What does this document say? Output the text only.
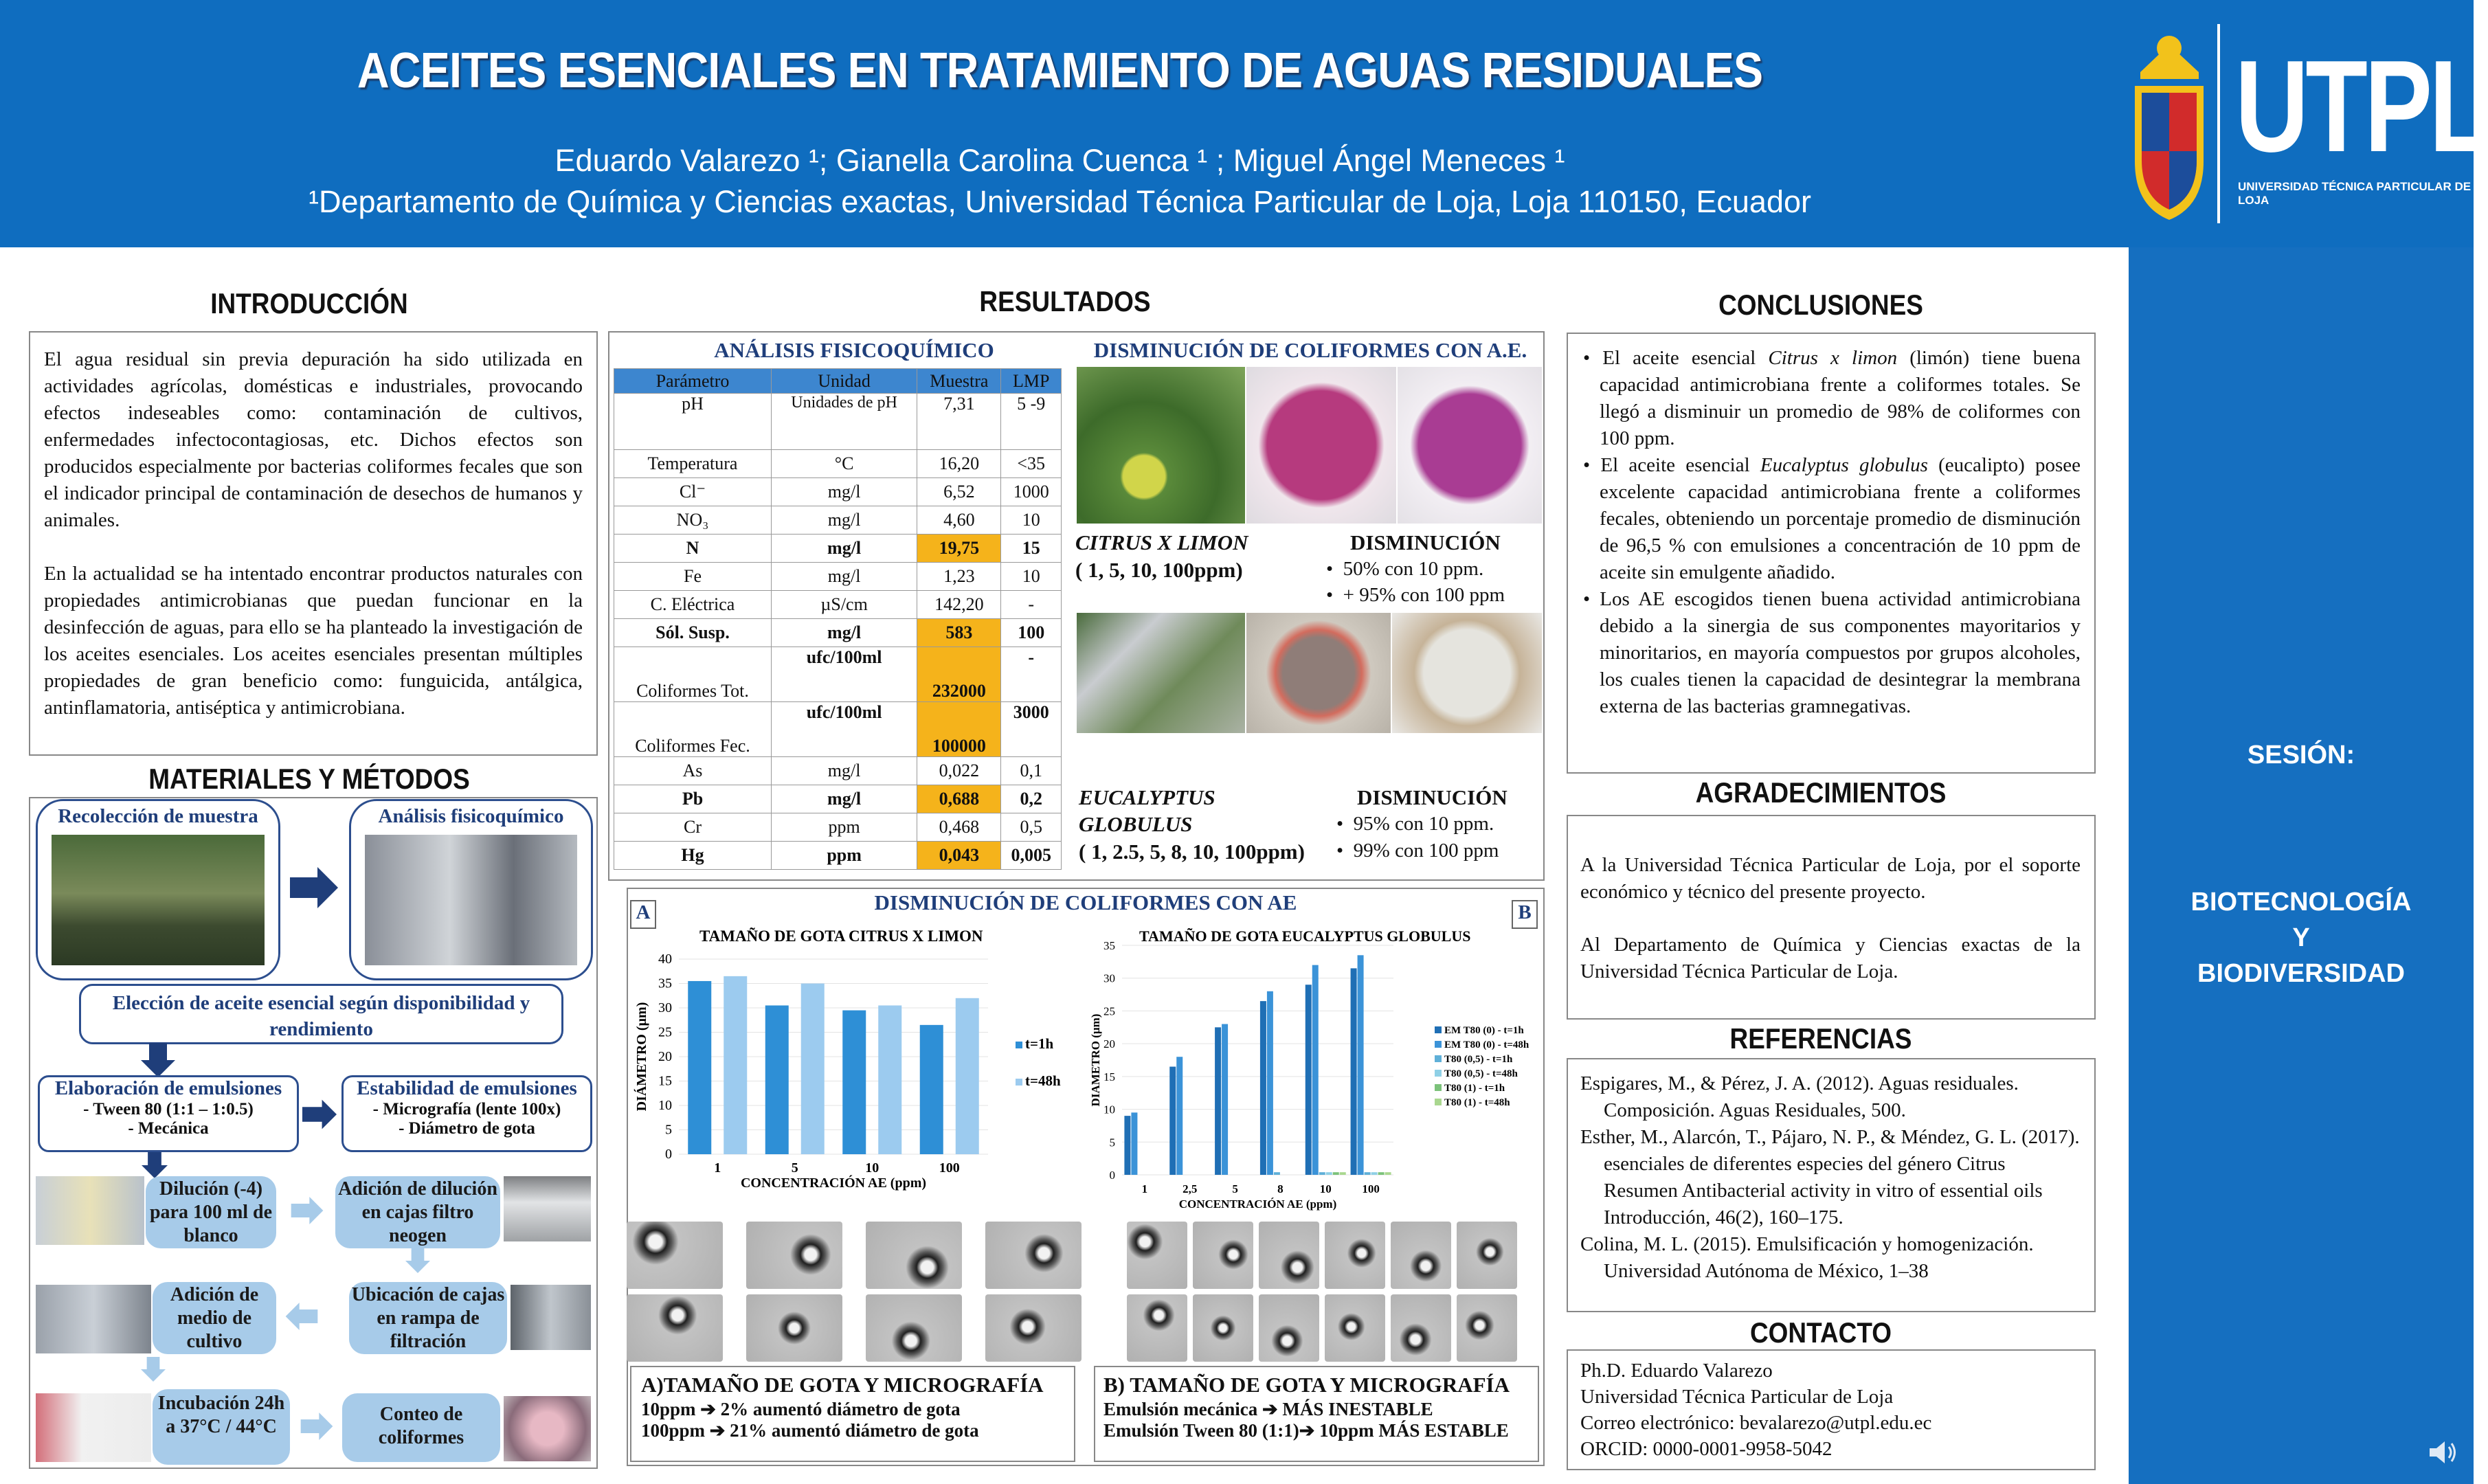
ACEITES ESENCIALES EN TRATAMIENTO DE AGUAS RESIDUALES
Eduardo Valarezo ¹; Gianella Carolina Cuenca ¹ ; Miguel Ángel Meneces ¹
¹Departamento de Química y Ciencias exactas, Universidad Técnica Particular de Loja, Loja 110150, Ecuador
UTPL
UNIVERSIDAD TÉCNICA PARTICULAR DE LOJA
SESIÓN:
BIOTECNOLOGÍA
Y
BIODIVERSIDAD
INTRODUCCIÓN

El agua residual sin previa depuración ha sido utilizada en actividades agrícolas, domésticas e industriales, provocando efectos indeseables como: contaminación de cultivos, enfermedades infectocontagiosas, etc. Dichos efectos son producidos especialmente por bacterias coliformes fecales que son el indicador principal de contaminación de desechos de humanos y animales.

En la actualidad se ha intentado encontrar productos naturales con propiedades antimicrobianas que puedan funcionar en la desinfección de aguas, para ello se ha planteado la investigación de los aceites esenciales. Los aceites esenciales presentan múltiples propiedades de gran beneficio como: funguicida, antálgica, antinflamatoria, antiséptica y antimicrobiana.

MATERIALES Y MÉTODOS
Recolección de muestra	Análisis fisicoquímico
Elección de aceite esencial según disponibilidad y rendimiento
Elaboración de emulsiones
- Tween 80 (1:1 – 1:0.5)
- Mecánica
Estabilidad de emulsiones
- Micrografía (lente 100x)
- Diámetro de gota
Dilución (-4) para 100 ml de blanco
Adición de dilución en cajas filtro neogen
Adición de medio de cultivo
Ubicación de cajas en rampa de filtración
Incubación 24h a 37°C / 44°C
Conteo de coliformes
RESULTADOS
ANÁLISIS FISICOQUÍMICO
Parámetro	Unidad	Muestra	LMP
pH	Unidades de pH	7,31	5 -9
Temperatura	°C	16,20	<35
Cl⁻	mg/l	6,52	1000
NO₃	mg/l	4,60	10
N	mg/l	19,75	15
Fe	mg/l	1,23	10
C. Eléctrica	µS/cm	142,20	-
Sól. Susp.	mg/l	583	100
Coliformes Tot.	ufc/100ml	232000	-
Coliformes Fec.	ufc/100ml	100000	3000
As	mg/l	0,022	0,1
Pb	mg/l	0,688	0,2
Cr	ppm	0,468	0,5
Hg	ppm	0,043	0,005
DISMINUCIÓN DE COLIFORMES CON A.E.
CITRUS X LIMON
( 1, 5, 10, 100ppm)
DISMINUCIÓN
•  50% con 10 ppm.
•  + 95% con 100 ppm
EUCALYPTUS
GLOBULUS
( 1, 2.5, 5, 8, 10, 100ppm)
DISMINUCIÓN
•  95% con 10 ppm.
•  99% con 100 ppm
DISMINUCIÓN DE COLIFORMES CON AE
A	B
TAMAÑO DE GOTA CITRUS X LIMON
0
5
10
15
20
25
30
35
40
1	5	10	100
CONCENTRACIÓN AE (ppm)
DIÁMETRO (µm)	t=1h
t=48h
TAMAÑO DE GOTA EUCALYPTUS GLOBULUS
0
5
10
15
20
25
30
35
1	2,5	5	8	10	100
CONCENTRACIÓN AE (ppm)
DIAMETRO (µm)	EM T80 (0) - t=1h
EM T80 (0) - t=48h
T80 (0,5) - t=1h
T80 (0,5) - t=48h
T80 (1) - t=1h
T80 (1) - t=48h
A)TAMAÑO DE GOTA Y MICROGRAFÍA
10ppm ➔ 2% aumentó diámetro de gota
100ppm ➔ 21% aumentó diámetro de gota
B) TAMAÑO DE GOTA Y MICROGRAFÍA
Emulsión mecánica ➔ MÁS INESTABLE
Emulsión Tween 80 (1:1)➔ 10ppm MÁS ESTABLE
CONCLUSIONES

• El aceite esencial Citrus x limon (limón) tiene buena capacidad antimicrobiana frente a coliformes totales. Se llegó a disminuir un promedio de 98% de coliformes con 100 ppm.

• El aceite esencial Eucalyptus globulus (eucalipto) posee excelente capacidad antimicrobiana frente a coliformes fecales, obteniendo un porcentaje promedio de disminución de 96,5 % con emulsiones a concentración de 10 ppm de aceite sin emulgente añadido.

• Los AE escogidos tienen buena actividad antimicrobiana debido a la sinergia de sus componentes mayoritarios y minoritarios, en mayoría compuestos por grupos alcoholes, los cuales tienen la capacidad de desintegrar la membrana externa de las bacterias gramnegativas.

AGRADECIMIENTOS

A la Universidad Técnica Particular de Loja, por el soporte económico y técnico del presente proyecto.

Al Departamento de Química y Ciencias exactas de la Universidad Técnica Particular de Loja.

REFERENCIAS

Espigares, M., & Pérez, J. A. (2012). Aguas residuales. Composición. Aguas Residuales, 500.

Esther, M., Alarcón, T., Pájaro, N. P., & Méndez, G. L. (2017). esenciales de diferentes especies del género Citrus Resumen Antibacterial activity in vitro of essential oils Introducción, 46(2), 160–175.

Colina, M. L. (2015). Emulsificación y homogenización. Universidad Autónoma de México, 1–38

CONTACTO
Ph.D. Eduardo Valarezo
Universidad Técnica Particular de Loja
Correo electrónico: bevalarezo@utpl.edu.ec
ORCID: 0000-0001-9958-5042
